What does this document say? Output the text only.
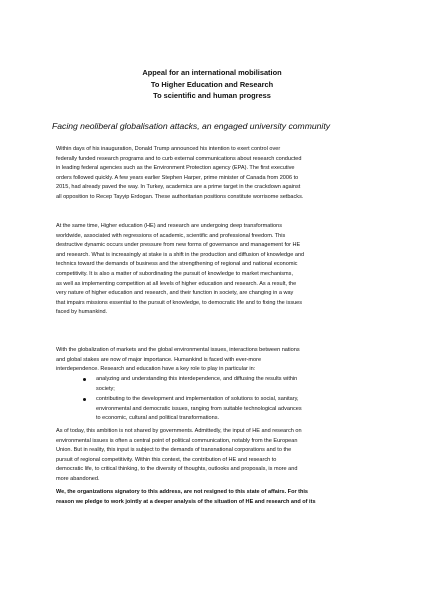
Appeal for an international mobilisation
To Higher Education and Research
To scientific and human progress
Facing neoliberal globalisation attacks, an engaged university community
Within days of his inauguration, Donald Trump announced his intention to exert control over
federally funded research programs and to curb external communications about research conducted
in leading federal agencies such as the Environment Protection agency (EPA). The first executive
orders followed quickly. A few years earlier Stephen Harper, prime minister of Canada from 2006 to
2015, had already paved the way. In Turkey, academics are a prime target in the crackdown against
all opposition to Recep Tayyip Erdogan. These authoritarian positions constitute worrisome setbacks.
At the same time, Higher education (HE) and research are undergoing deep transformations
worldwide, associated with regressions of academic, scientific and professional freedom. This
destructive dynamic occurs under pressure from new forms of governance and management for HE
and research. What is increasingly at stake is a shift in the production and diffusion of knowledge and
technics toward the demands of business and the strengthening of regional and national economic
competitivity. It is also a matter of subordinating the pursuit of knowledge to market mechanisms,
as well as implementing competition at all levels of higher education and research. As a result, the
very nature of higher education and research, and their function in society, are changing in a way
that impairs missions essential to the pursuit of knowledge, to democratic life and to fixing the issues
faced by humankind.
With the globalization of markets and the global environmental issues, interactions between nations
and global stakes are now of major importance. Humankind is faced with ever-more
interdependence. Research and education have a key role to play in particular in:
analyzing and understanding this interdependence, and diffusing the results within
society;
contributing to the development and implementation of solutions to social, sanitary,
environmental and democratic issues, ranging from suitable technological advances
to economic, cultural and political transformations.
As of today, this ambition is not shared by governments. Admittedly, the input of HE and research on
environmental issues is often a central point of political communication, notably from the European
Union. But in reality, this input is subject to the demands of transnational corporations and to the
pursuit of regional competitivity. Within this context, the contribution of HE and research to
democratic life, to critical thinking, to the diversity of thoughts, outlooks and proposals, is more and
more abandoned.
We, the organizations signatory to this address, are not resigned to this state of affairs. For this
reason we pledge to work jointly at a deeper analysis of the situation of HE and research and of its
